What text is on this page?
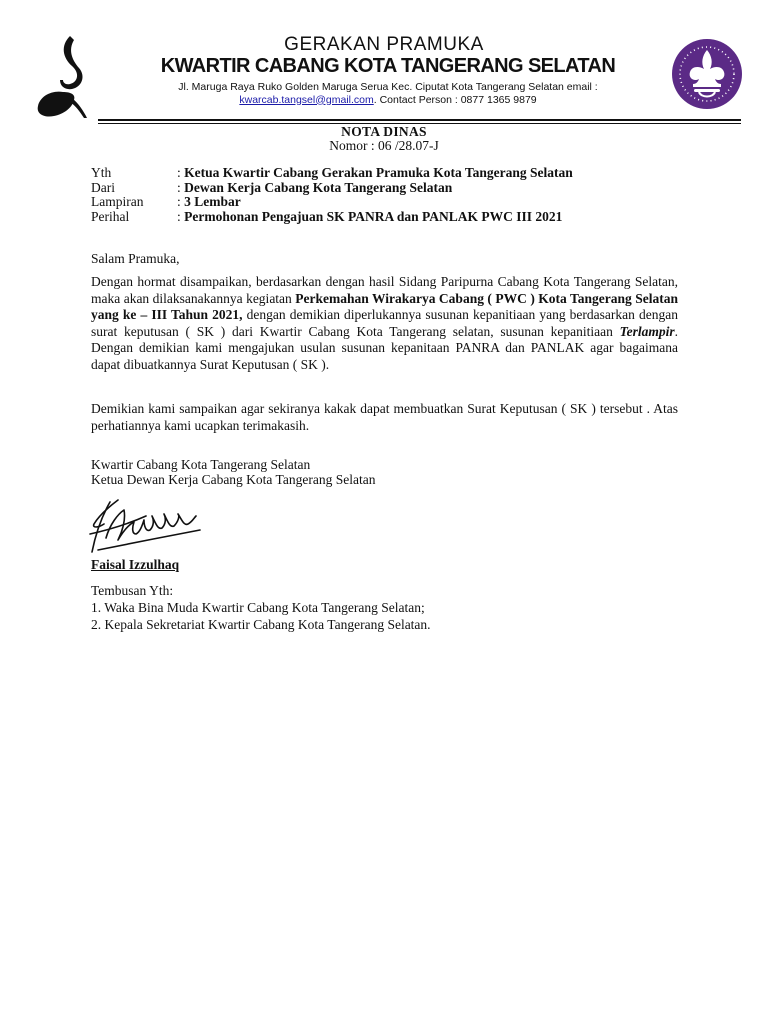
GERAKAN PRAMUKA
KWARTIR CABANG KOTA TANGERANG SELATAN
Jl. Maruga Raya Ruko Golden Maruga Serua Kec. Ciputat Kota Tangerang Selatan email :
kwarcab.tangsel@gmail.com. Contact Person : 0877 1365 9879
NOTA DINAS
Nomor : 06 /28.07-J
Yth	: Ketua Kwartir Cabang Gerakan Pramuka Kota Tangerang Selatan
Dari	: Dewan Kerja Cabang Kota Tangerang Selatan
Lampiran	: 3 Lembar
Perihal	: Permohonan Pengajuan SK PANRA dan PANLAK PWC III 2021
Salam Pramuka,
Dengan hormat disampaikan, berdasarkan dengan hasil Sidang Paripurna Cabang Kota Tangerang Selatan, maka akan dilaksanakannya kegiatan Perkemahan Wirakarya Cabang ( PWC ) Kota Tangerang Selatan yang ke – III Tahun 2021, dengan demikian diperlukannya susunan kepanitiaan yang berdasarkan dengan surat keputusan ( SK ) dari Kwartir Cabang Kota Tangerang selatan, susunan kepanitiaan Terlampir. Dengan demikian kami mengajukan usulan susunan kepanitaan PANRA dan PANLAK agar bagaimana dapat dibuatkannya Surat Keputusan ( SK ).
Demikian kami sampaikan agar sekiranya kakak dapat membuatkan Surat Keputusan ( SK ) tersebut . Atas perhatiannya kami ucapkan terimakasih.
Kwartir Cabang Kota Tangerang Selatan
Ketua Dewan Kerja Cabang Kota Tangerang Selatan
Faisal Izzulhaq
Tembusan Yth:
1. Waka Bina Muda Kwartir Cabang Kota Tangerang Selatan;
2. Kepala Sekretariat Kwartir Cabang Kota Tangerang Selatan.
